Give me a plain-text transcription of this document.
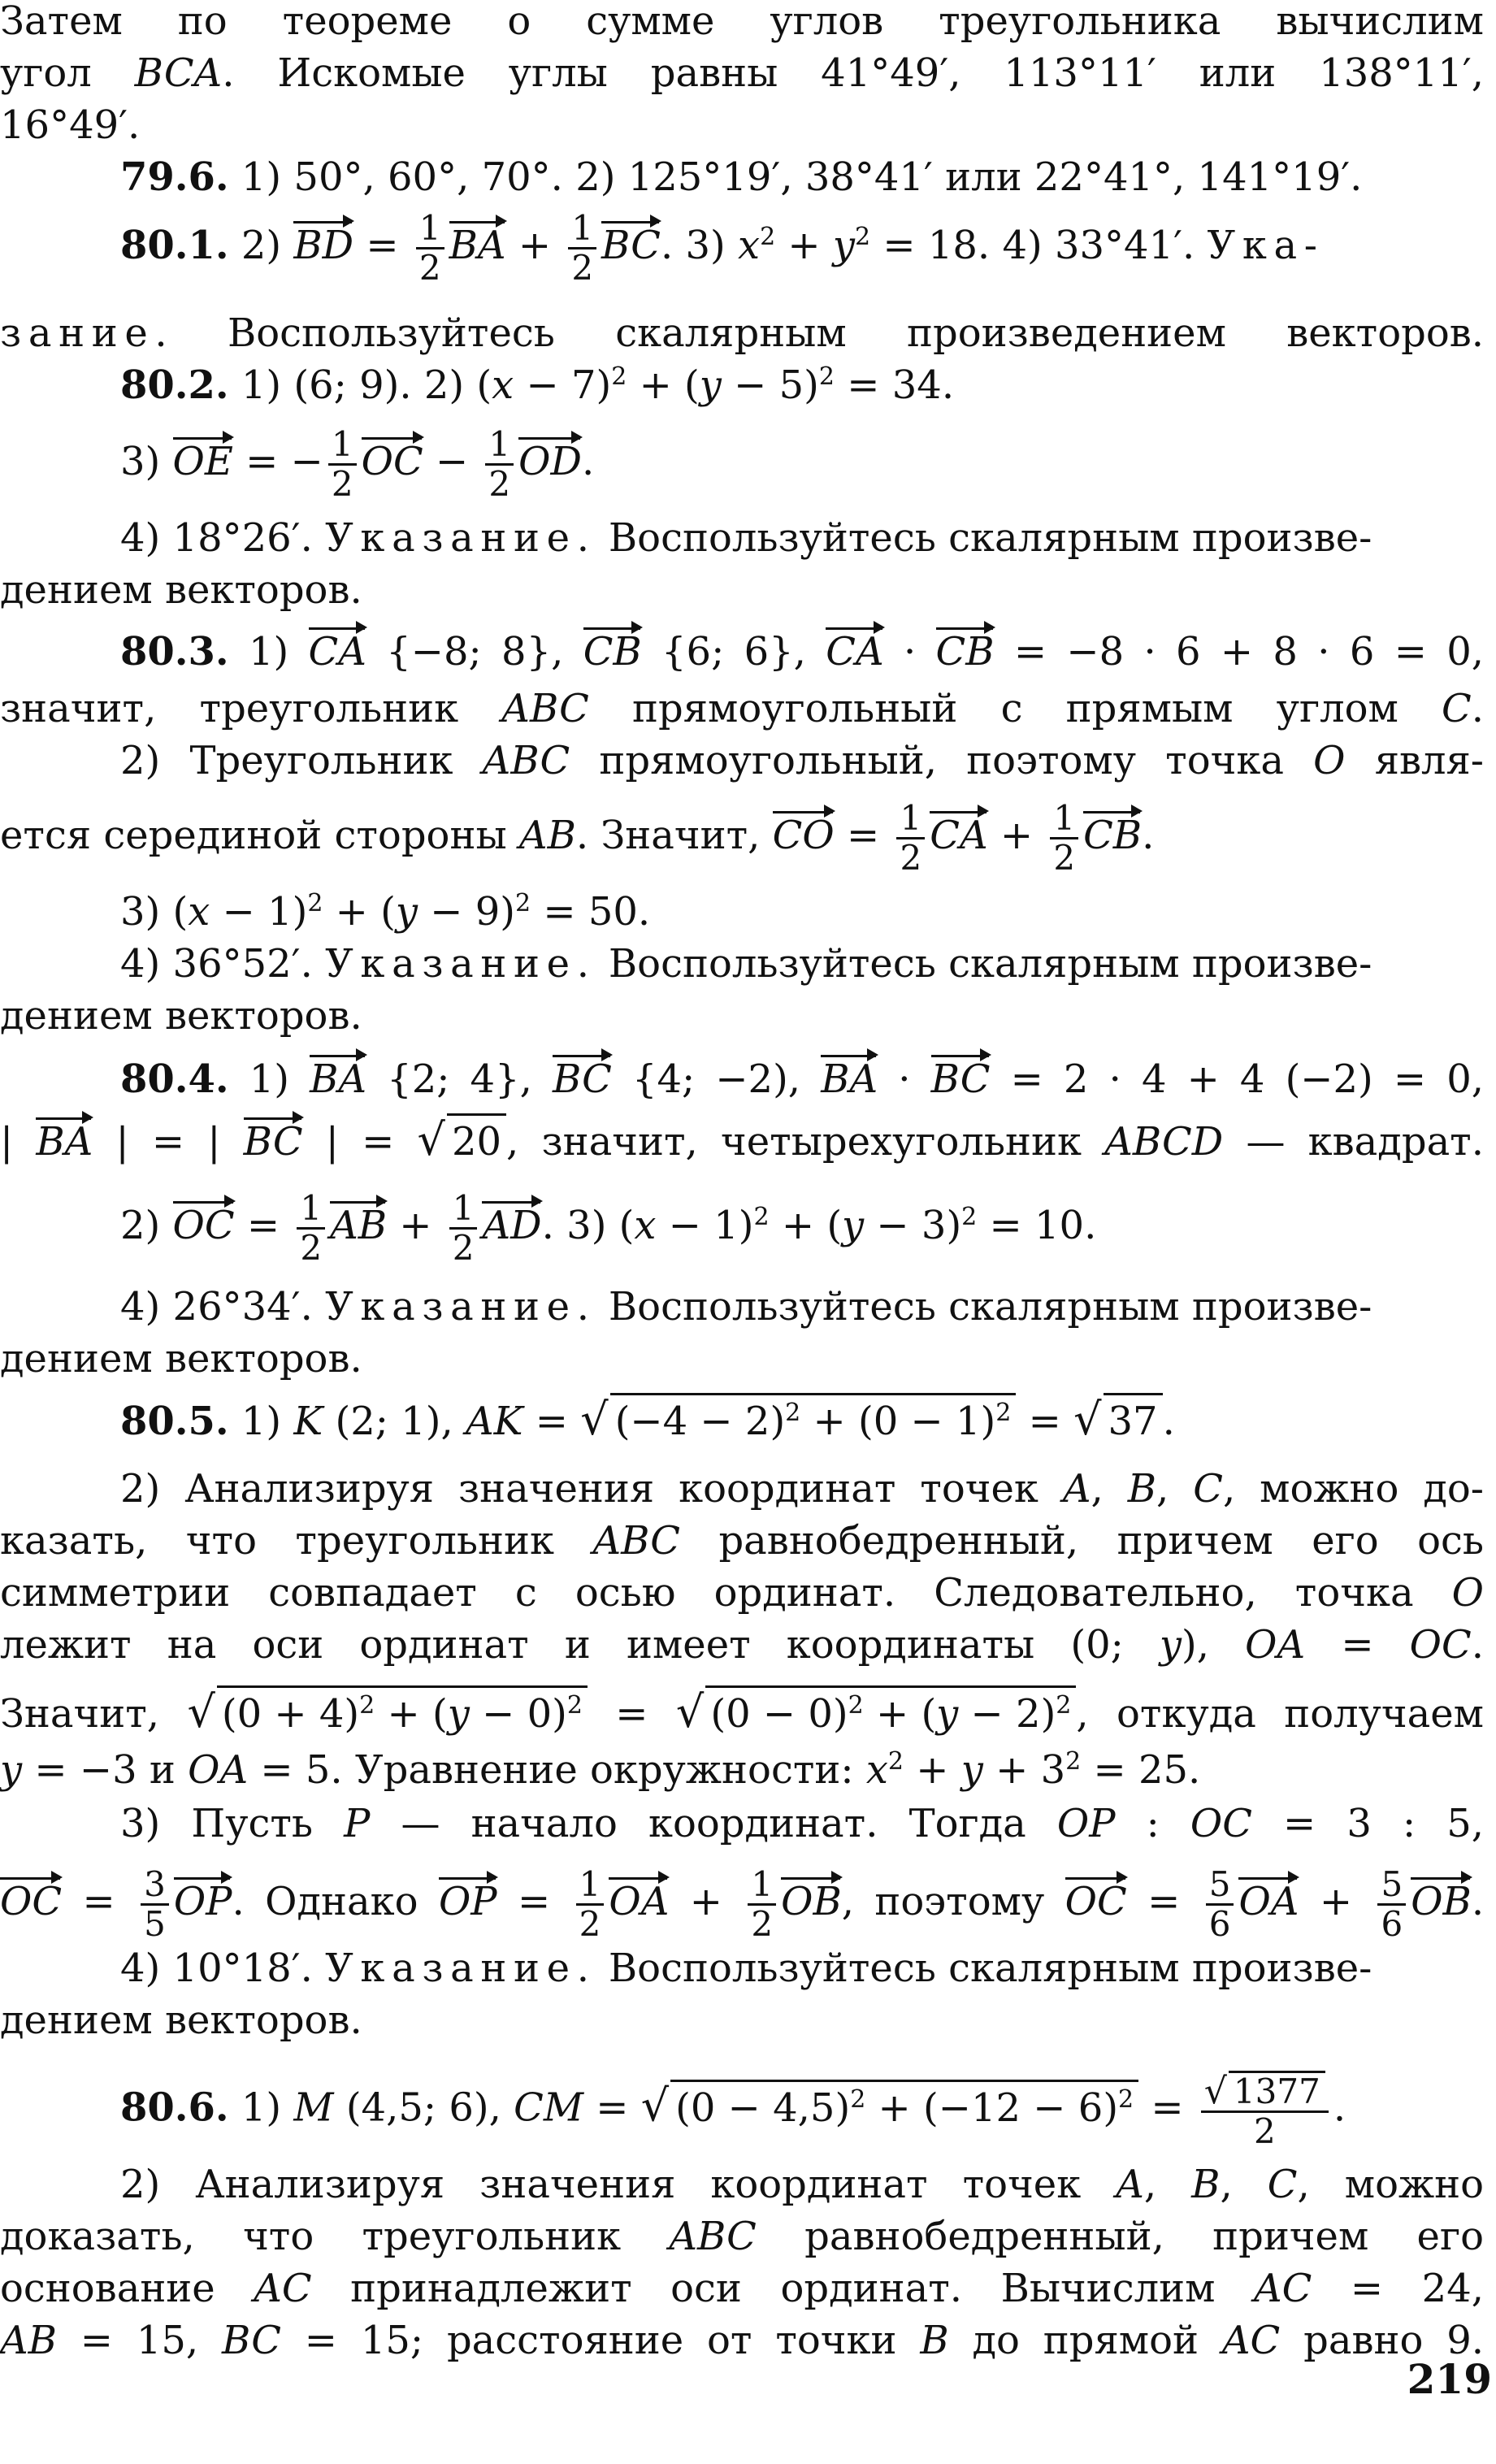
Затем по теореме о сумме углов треугольника вычислим
угол BCA. Искомые углы равны 41°49′, 113°11′ или 138°11′,
16°49′.
79.6. 1) 50°, 60°, 70°. 2) 125°19′, 38°41′ или 22°41°, 141°19′.
80.1. 2) BD = $\frac{1}{2}$ BA + $\frac{1}{2}$ BC. 3) $x^2 + y^2 = 18$. 4) 33°41′. Ука-
зание. Воспользуйтесь скалярным произведением векторов.
80.2. 1) (6; 9). 2) $(x - 7)^2 + (y - 5)^2 = 34$.
3) OE = − $\frac{1}{2}$ OC − $\frac{1}{2}$ OD.
4) 18°26′. Указание. Воспользуйтесь скалярным произве-
дением векторов.
80.3. 1) CA {−8; 8}, CB {6; 6}, CA · CB = −8 · 6 + 8 · 6 = 0,
значит, треугольник ABC прямоугольный с прямым углом C.
2) Треугольник ABC прямоугольный, поэтому точка O явля-
ется серединой стороны AB. Значит, CO = $\frac{1}{2}$ CA + $\frac{1}{2}$ CB.
3) $(x - 1)^2 + (y - 9)^2 = 50$.
4) 36°52′. Указание. Воспользуйтесь скалярным произве-
дением векторов.
80.4. 1) BA {2; 4}, BC {4; −2), BA · BC = 2 · 4 + 4 (−2) = 0,
| BA | = | BC | = √ 20 , значит, четырехугольник ABCD — квадрат.
2) OC = $\frac{1}{2}$ AB + $\frac{1}{2}$ AD. 3) $(x - 1)^2 + (y - 3)^2 = 10$.
4) 26°34′. Указание. Воспользуйтесь скалярным произве-
дением векторов.
80.5. 1) K (2; 1), AK = √ $(-4 - 2)^2 + (0 - 1)^2$ = √ 37 .
2) Анализируя значения координат точек A, B, C, можно до-
казать, что треугольник ABC равнобедренный, причем его ось
симметрии совпадает с осью ординат. Следовательно, точка O
лежит на оси ординат и имеет координаты (0; y), OA = OC.
Значит, √ $(0 + 4)^2 + (y - 0)^2$ = √ $(0 - 0)^2 + (y - 2)^2$ , откуда получаем
y = −3 и OA = 5. Уравнение окружности: $x^2 + y + 3^2 = 25$.
3) Пусть P — начало координат. Тогда OP : OC = 3 : 5,
OC = $\frac{3}{5}$ OP. Однако OP = $\frac{1}{2}$ OA + $\frac{1}{2}$ OB, поэтому OC = $\frac{5}{6}$ OA + $\frac{5}{6}$ OB.
4) 10°18′. Указание. Воспользуйтесь скалярным произве-
дением векторов.
80.6. 1) M (4,5; 6), CM = √ $(0 - 4,5)^2 + (-12 - 6)^2 = \frac{√ 1377}{2}$ .
2) Анализируя значения координат точек A, B, C, можно
доказать, что треугольник ABC равнобедренный, причем его
основание AC принадлежит оси ординат. Вычислим AC = 24,
AB = 15, BC = 15; расстояние от точки B до прямой AC равно 9.
219
